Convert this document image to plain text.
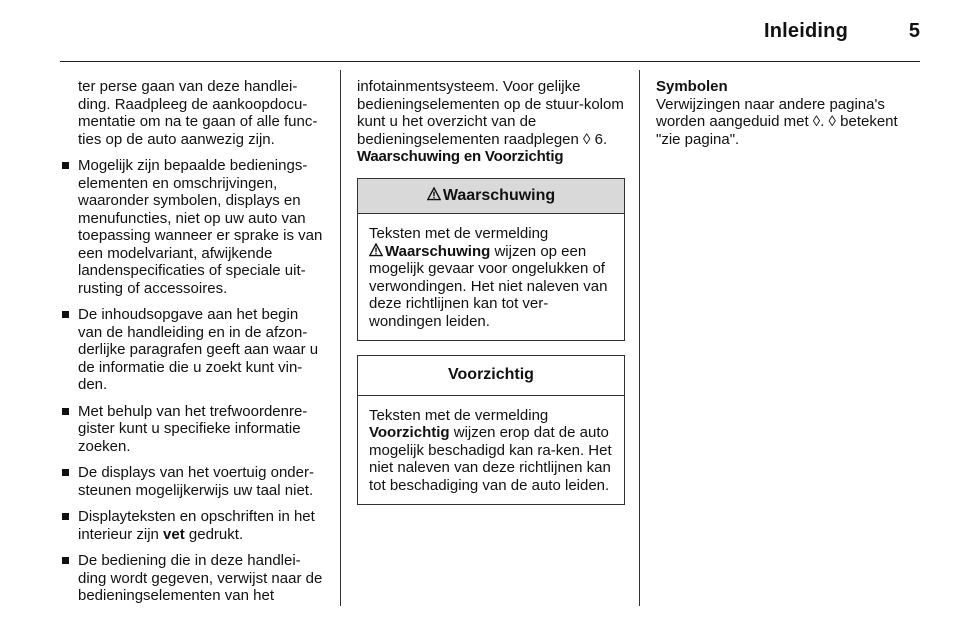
Inleiding	5

ter perse gaan van deze handlei-ding. Raadpleeg de aankoopdocu-mentatie om na te gaan of alle func-ties op de auto aanwezig zijn.

Mogelijk zijn bepaalde bedienings-elementen en omschrijvingen, waaronder symbolen, displays en menufuncties, niet op uw auto van toepassing wanneer er sprake is van een modelvariant, afwijkende landenspecificaties of speciale uit-rusting of accessoires.
De inhoudsopgave aan het begin van de handleiding en in de afzon-derlijke paragrafen geeft aan waar u de informatie die u zoekt kunt vin-den.
Met behulp van het trefwoordenre-gister kunt u specifieke informatie zoeken.
De displays van het voertuig onder-steunen mogelijkerwijs uw taal niet.
Displayteksten en opschriften in het interieur zijn vet gedrukt.
De bediening die in deze handlei-ding wordt gegeven, verwijst naar de bedieningselementen van het

infotainmentsysteem. Voor gelijke bedieningselementen op de stuur-kolom kunt u het overzicht van de bedieningselementen raadplegen ◊ 6.

Waarschuwing en Voorzichtig

Waarschuwing
Teksten met de vermelding
Waarschuwing wijzen op een mogelijk gevaar voor ongelukken of verwondingen. Het niet naleven van deze richtlijnen kan tot ver-wondingen leiden.
Voorzichtig
Teksten met de vermelding
Voorzichtig wijzen erop dat de auto mogelijk beschadigd kan ra-ken. Het niet naleven van deze richtlijnen kan tot beschadiging van de auto leiden.

Symbolen

Verwijzingen naar andere pagina's worden aangeduid met ◊. ◊ betekent "zie pagina".
